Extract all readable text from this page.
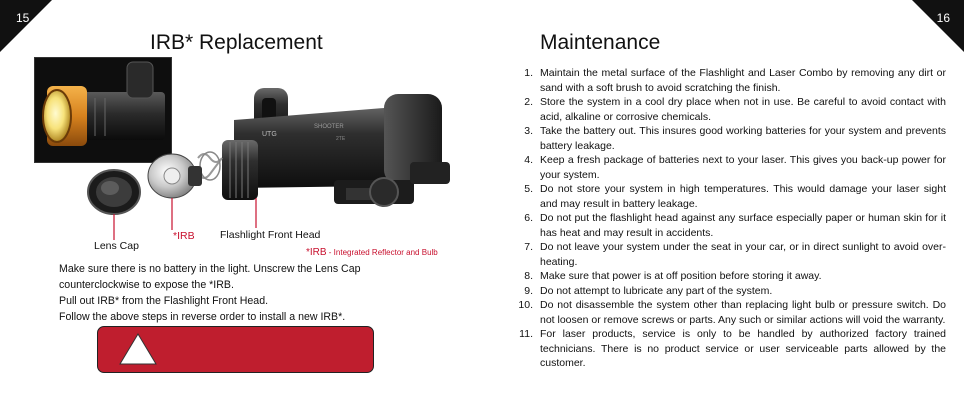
15
IRB* Replacement
UTG
SHOOTER
2TE
Lens Cap
*IRB Flashlight Front Head
*IRB - Integrated Reflector and Bulb

Make sure there is no battery in the light. Unscrew the Lens Cap

counterclockwise to expose the *IRB.

Pull out IRB* from the Flashlight Front Head.

Follow the above steps in reverse order to install a new IRB*.

16
Maintenance
1. Maintain the metal surface of the Flashlight and Laser Combo by removing any dirt or sand with a soft brush to avoid scratching the finish.
2. Store the system in a cool dry place when not in use. Be careful to avoid contact with acid, alkaline or corrosive chemicals.
3. Take the battery out. This insures good working batteries for your system and prevents battery leakage.
4. Keep a fresh package of batteries next to your laser. This gives you back-up power for your system.
5. Do not store your system in high temperatures. This would damage your laser sight and may result in battery leakage.
6. Do not put the flashlight head against any surface especially paper or human skin for it has heat and may result in accidents.
7. Do not leave your system under the seat in your car, or in direct sunlight to avoid over-heating.
8. Make sure that power is at off position before storing it away.
9. Do not attempt to lubricate any part of the system.
10. Do not disassemble the system other than replacing light bulb or pressure switch. Do not loosen or remove screws or parts. Any such or similar actions will void the warranty.
11. For laser products, service is only to be handled by authorized factory trained technicians. There is no product service or user serviceable parts allowed by the customer.
